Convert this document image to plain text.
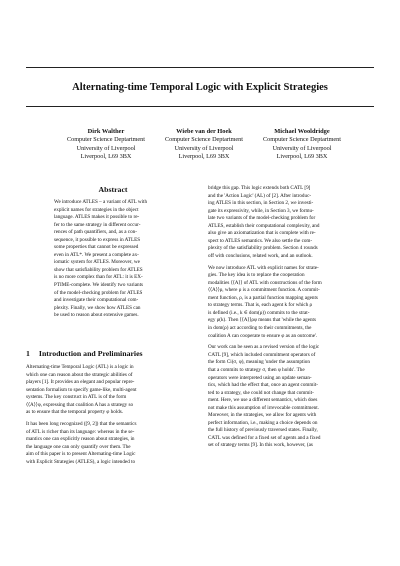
Alternating-time Temporal Logic with Explicit Strategies
Dirk Walther
Computer Science Deptartment
University of Liverpool
Liverpool, L69 3BX
Wiebe van der Hoek
Computer Science Deptartment
University of Liverpool
Liverpool, L69 3BX
Michael Wooldridge
Computer Science Deptartment
University of Liverpool
Liverpool, L69 3BX
Abstract
We introduce ATLES – a variant of ATL with
explicit names for strategies in the object
language. ATLES makes it possible to re-
fer to the same strategy in different occur-
rences of path quantifiers, and, as a con-
sequence, it possible to express in ATLES
some properties that cannot be expressed
even in ATL*. We present a complete ax-
iomatic system for ATLES. Moreover, we
show that satisfiability problem for ATLES
is no more complex than for ATL: it is EX-
PTIME-complete. We identify two variants
of the model-checking problem for ATLES
and investigate their computational com-
plexity. Finally, we show how ATLES can
be used to reason about extensive games.
1 Introduction and Preliminaries

Alternating-time Temporal Logic (ATL) is a logic in
which one can reason about the strategic abilities of
players [1]. It provides an elegant and popular repre-
sentation formalism to specify game-like, multi-agent
systems. The key construct in ATL is of the form
⟨⟨A⟩⟩φ, expressing that coalition A has a strategy so
as to ensure that the temporal property φ holds.

It has been long recognized ([9, 2]) that the semantics
of ATL is richer than its language: whereas in the se-
mantics one can explicitly reason about strategies, in
the language one can only quantify over them. The
aim of this paper is to present Alternating-time Logic
with Explicit Strategies (ATLES), a logic intended to

bridge this gap. This logic extends both CATL [9]
and the 'Action Logic' (AL) of [2]. After introduc-
ing ATLES in this section, in Section 2, we investi-
gate its expressivity, while, in Section 3, we formu-
late two variants of the model-checking problem for
ATLES, establish their computational complexity, and
also give an axiomatization that is complete with re-
spect to ATLES semantics. We also settle the com-
plexity of the satisfiability problem. Section 4 rounds
off with conclusions, related work, and an outlook.

We now introduce ATL with explicit names for strate-
gies. The key idea is to replace the cooperation
modalities ⟨⟨A⟩⟩ of ATL with constructions of the form
⟨⟨A⟩⟩ρ, where ρ is a commitment function. A commit-
ment function, ρ, is a partial function mapping agents
to strategy terms. That is, each agent k for which ρ
is defined (i.e., k ∈ dom(ρ)) commits to the strat-
egy ρ(k). Then ⟨⟨A⟩⟩ρφ means that 'while the agents
in dom(ρ) act according to their commitments, the
coalition A can cooperate to ensure φ as an outcome'.

Our work can be seen as a revised version of the logic
CATL [9], which included commitment operators of
the form Ci(σ, φ), meaning 'under the assumption
that a commits to strategy σ, then φ holds'. The
operators were interpreted using an update seman-
tics, which had the effect that, once an agent commit-
ted to a strategy, she could not change that commit-
ment. Here, we use a different semantics, which does
not make this assumption of irrevocable commitment.
Moreover, in the strategies, we allow for agents with
perfect information, i.e., making a choice depends on
the full history of previously traversed states. Finally,
CATL was defined for a fixed set of agents and a fixed
set of strategy terms [9]. In this work, however, (as
